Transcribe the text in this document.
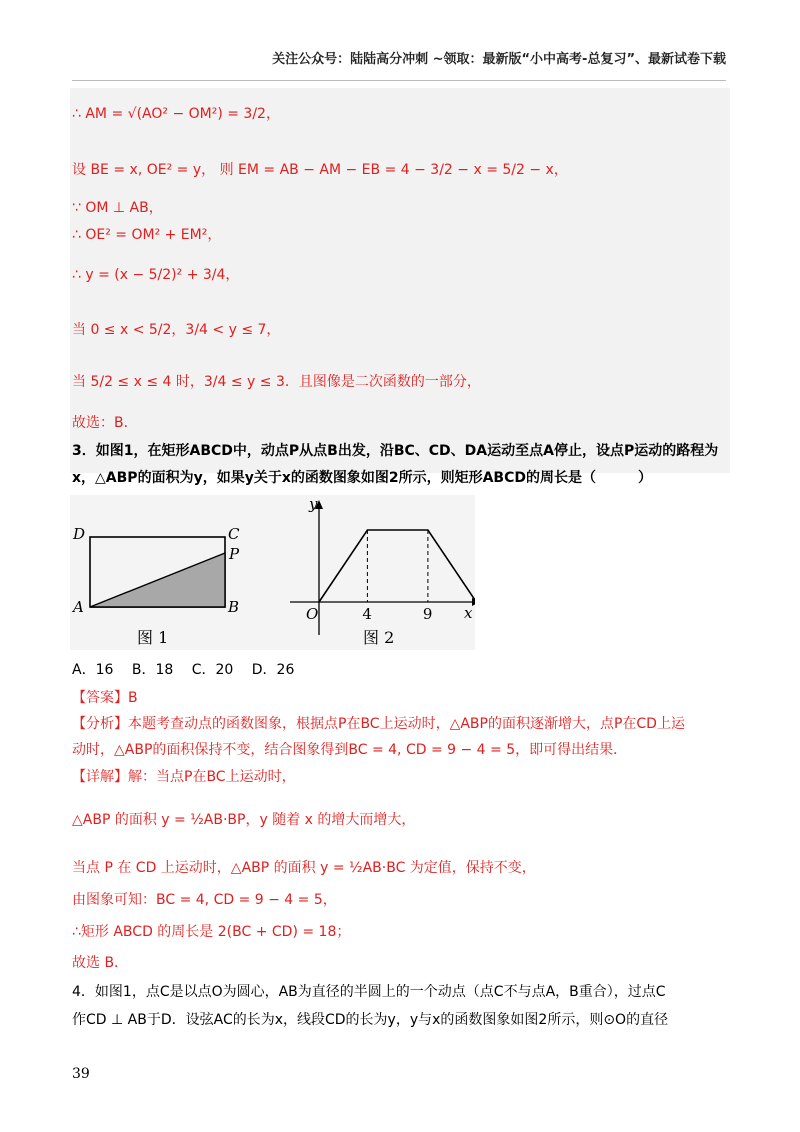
关注公众号：陆陆高分冲刺 ~领取：最新版“小中高考-总复习”、最新试卷下载
∴ AM = √(AO² − OM²) = 3/2，
设 BE = x, OE² = y， 则 EM = AB − AM − EB = 4 − 3/2 − x = 5/2 − x，
∵ OM ⊥ AB，
∴ OE² = OM² + EM²，
∴ y = (x − 5/2)² + 3/4，
当 0 ≤ x < 5/2，3/4 < y ≤ 7，
当 5/2 ≤ x ≤ 4 时，3/4 ≤ y ≤ 3．且图像是二次函数的一部分，
故选：B．
3．如图1，在矩形ABCD中，动点P从点B出发，沿BC、CD、DA运动至点A停止，设点P运动的路程为
x，△ABP的面积为y，如果y关于x的函数图象如图2所示，则矩形ABCD的周长是（　　　）
D	C
P
A	B
图 1
y
x
O	4	9
图 2
A．16　 B．18　 C．20　 D．26
【答案】B
【分析】本题考查动点的函数图象，根据点P在BC上运动时，△ABP的面积逐渐增大，点P在CD上运
动时，△ABP的面积保持不变，结合图象得到BC = 4, CD = 9 − 4 = 5，即可得出结果．
【详解】解：当点P在BC上运动时，
△ABP 的面积 y = ½AB·BP，y 随着 x 的增大而增大，
当点 P 在 CD 上运动时，△ABP 的面积 y = ½AB·BC 为定值，保持不变，
由图象可知：BC = 4, CD = 9 − 4 = 5，
∴矩形 ABCD 的周长是 2(BC + CD) = 18；
故选 B．
4．如图1，点C是以点O为圆心，AB为直径的半圆上的一个动点（点C不与点A，B重合），过点C
作CD ⊥ AB于D．设弦AC的长为x，线段CD的长为y，y与x的函数图象如图2所示，则⊙O的直径
39
